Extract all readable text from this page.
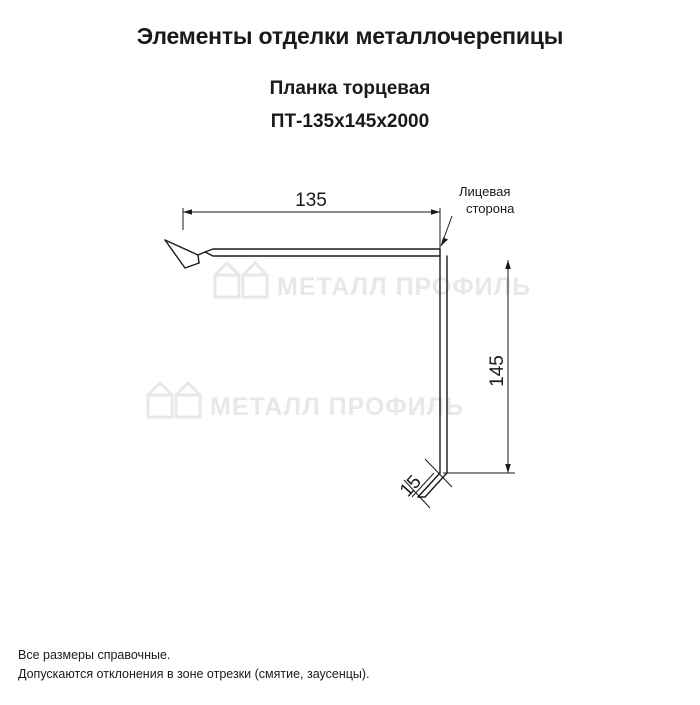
МЕТАЛЛ ПРОФИЛЬ
МЕТАЛЛ ПРОФИЛЬ
Элементы отделки металлочерепицы
Планка торцевая
ПТ-135х145х2000
135
145
Лицевая
сторона
15
Все размеры справочные.
Допускаются отклонения в зоне отрезки (смятие, заусенцы).
